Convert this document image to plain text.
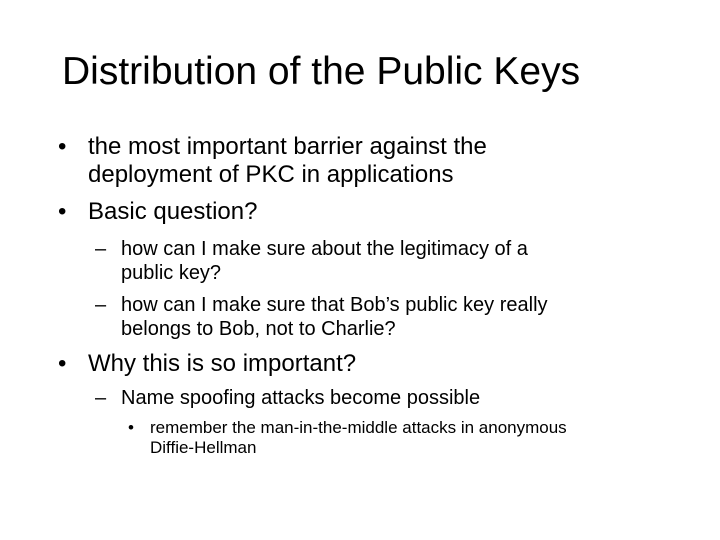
Distribution of the Public Keys
• the most important barrier against the
deployment of PKC in applications
• Basic question?
– how can I make sure about the legitimacy of a
public key?
– how can I make sure that Bob’s public key really
belongs to Bob, not to Charlie?
• Why this is so important?
– Name spoofing attacks become possible
• remember the man-in-the-middle attacks in anonymous
Diffie-Hellman
